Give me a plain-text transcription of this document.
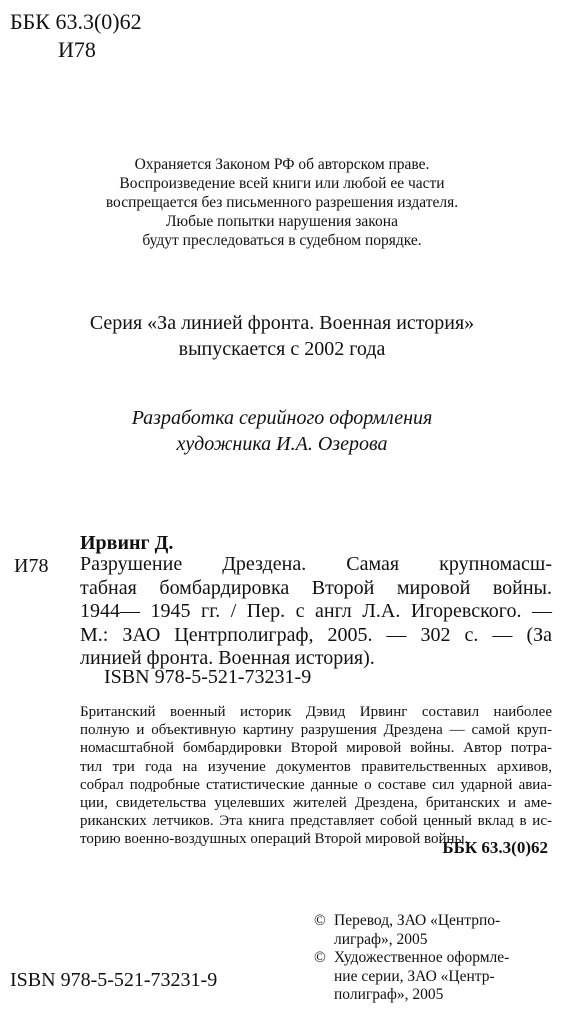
ББК 63.3(0)62
И78
Охраняется Законом РФ об авторском праве.
Воспроизведение всей книги или любой ее части
воспрещается без письменного разрешения издателя.
Любые попытки нарушения закона
будут преследоваться в судебном порядке.
Серия «За линией фронта. Военная история»
выпускается с 2002 года
Разработка серийного оформления
художника И.А. Озерова
Ирвинг Д.
И78 Разрушение Дрездена. Самая крупномасш-
табная бомбардировка Второй мировой войны.
1944— 1945 гг. / Пер. с англ Л.А. Игоревского. —
М.: ЗАО Центрполиграф, 2005. — 302 с. — (За
линией фронта. Военная история).
ISBN 978-5-521-73231-9
Британский военный историк Дэвид Ирвинг составил наиболее
полную и объективную картину разрушения Дрездена — самой круп-
номасштабной бомбардировки Второй мировой войны. Автор потра-
тил три года на изучение документов правительственных архивов,
собрал подробные статистические данные о составе сил ударной авиа-
ции, свидетельства уцелевших жителей Дрездена, британских и аме-
риканских летчиков. Эта книга представляет собой ценный вклад в ис-
торию военно-воздушных операций Второй мировой войны.
ББК 63.3(0)62
© Перевод, ЗАО «Центрпо-
лиграф», 2005
© Художественное оформле-
ние серии, ЗАО «Центр-
полиграф», 2005
ISBN 978-5-521-73231-9
